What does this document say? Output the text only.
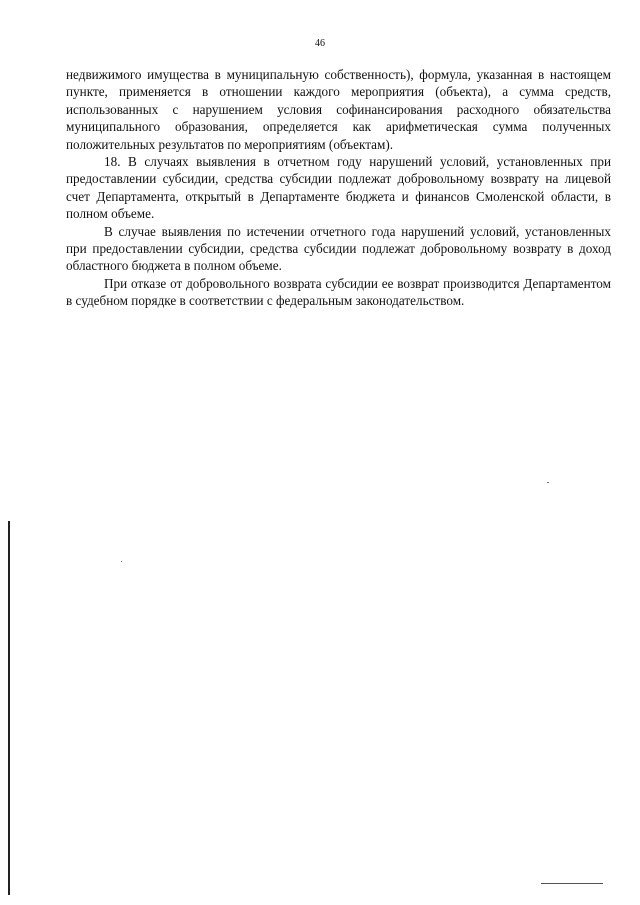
46

недвижимого имущества в муниципальную собственность), формула, указанная в настоящем пункте, применяется в отношении каждого мероприятия (объекта), а сумма средств, использованных с нарушением условия софинансирования расходного обязательства муниципального образования, определяется как арифметическая сумма полученных положительных результатов по мероприятиям (объектам).

18. В случаях выявления в отчетном году нарушений условий, установленных при предоставлении субсидии, средства субсидии подлежат добровольному возврату на лицевой счет Департамента, открытый в Департаменте бюджета и финансов Смоленской области, в полном объеме.

В случае выявления по истечении отчетного года нарушений условий, установленных при предоставлении субсидии, средства субсидии подлежат добровольному возврату в доход областного бюджета в полном объеме.

При отказе от добровольного возврата субсидии ее возврат производится Департаментом в судебном порядке в соответствии с федеральным законодательством.
